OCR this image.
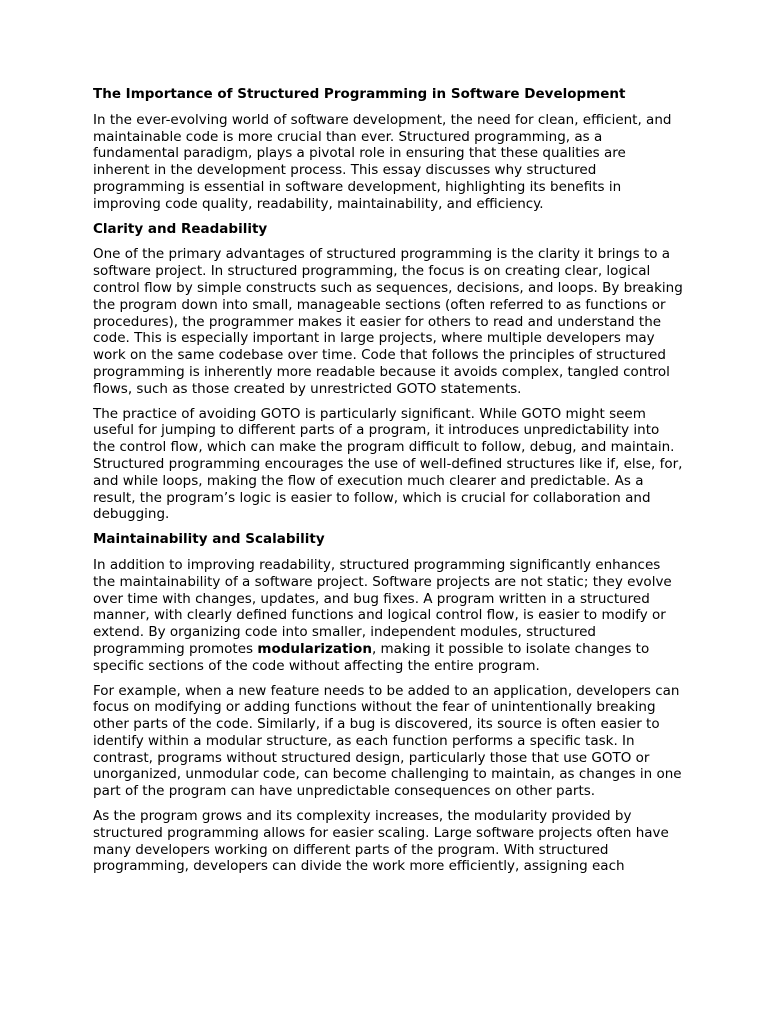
The Importance of Structured Programming in Software Development

In the ever-evolving world of software development, the need for clean, efficient, and maintainable code is more crucial than ever. Structured programming, as a fundamental paradigm, plays a pivotal role in ensuring that these qualities are inherent in the development process. This essay discusses why structured programming is essential in software development, highlighting its benefits in improving code quality, readability, maintainability, and efficiency.

Clarity and Readability

One of the primary advantages of structured programming is the clarity it brings to a software project. In structured programming, the focus is on creating clear, logical control flow by simple constructs such as sequences, decisions, and loops. By breaking the program down into small, manageable sections (often referred to as functions or procedures), the programmer makes it easier for others to read and understand the code. This is especially important in large projects, where multiple developers may work on the same codebase over time. Code that follows the principles of structured programming is inherently more readable because it avoids complex, tangled control flows, such as those created by unrestricted GOTO statements.

The practice of avoiding GOTO is particularly significant. While GOTO might seem useful for jumping to different parts of a program, it introduces unpredictability into the control flow, which can make the program difficult to follow, debug, and maintain. Structured programming encourages the use of well-defined structures like if, else, for, and while loops, making the flow of execution much clearer and predictable. As a result, the program’s logic is easier to follow, which is crucial for collaboration and debugging.

Maintainability and Scalability

In addition to improving readability, structured programming significantly enhances the maintainability of a software project. Software projects are not static; they evolve over time with changes, updates, and bug fixes. A program written in a structured manner, with clearly defined functions and logical control flow, is easier to modify or extend. By organizing code into smaller, independent modules, structured programming promotes modularization, making it possible to isolate changes to specific sections of the code without affecting the entire program.

For example, when a new feature needs to be added to an application, developers can focus on modifying or adding functions without the fear of unintentionally breaking other parts of the code. Similarly, if a bug is discovered, its source is often easier to identify within a modular structure, as each function performs a specific task. In contrast, programs without structured design, particularly those that use GOTO or unorganized, unmodular code, can become challenging to maintain, as changes in one part of the program can have unpredictable consequences on other parts.

As the program grows and its complexity increases, the modularity provided by structured programming allows for easier scaling. Large software projects often have many developers working on different parts of the program. With structured programming, developers can divide the work more efficiently, assigning each
